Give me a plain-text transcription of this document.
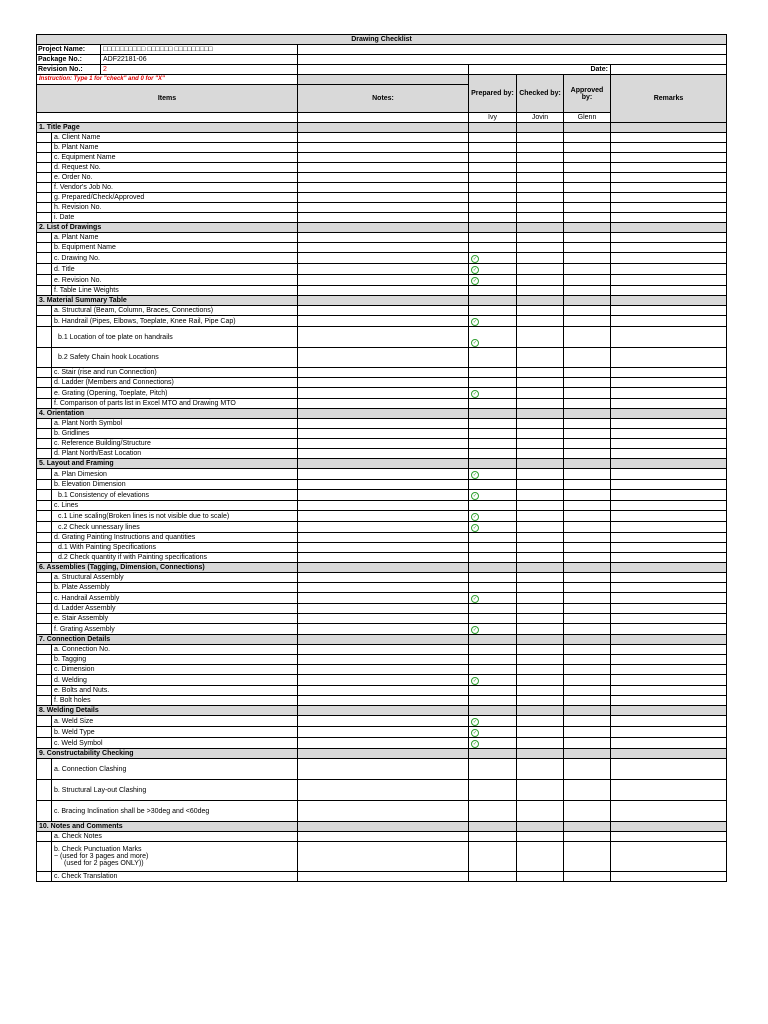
Drawing Checklist						

Project Name: □□□□□□□□□□ □□□□□□ □□□□□□□□□						

Package No.: ADF22181-06						

Revision No.: 2			Date:			
Instruction: Type 1 for "check" and 0 for "X"			Prepared by:	Checked by:	Approved by:	Remarks
Items		Notes:				
			Ivy	Jovin	Glenn	
1. Title Page						
	a. Client Name					
	b. Plant Name					
	c. Equipment Name					
	d. Request No.					
	e. Order No.					
	f. Vendor's Job No.					
	g. Prepared/Check/Approved					
	h. Revision No.					
	i. Date					
2. List of Drawings						
	a. Plant Name					
	b. Equipment Name					
	c. Drawing No.		✓			
	d. Title		✓			
	e. Revision No.		✓			
	f. Table Line Weights					
3. Material Summary Table						
	a. Structural (Beam, Column, Braces, Connections)					
	b. Handrail (Pipes, Elbows, Toeplate, Knee Rail, Pipe Cap)		✓			
	b.1 Location of toe plate on handrails		✓			
	b.2 Safety Chain hook Locations					
	c. Stair (rise and run Connection)					
	d. Ladder (Members and Connections)					
	e. Grating (Opening, Toeplate, Pitch)		✓			
	f. Comparison of parts list in Excel MTO and Drawing MTO					
4. Orientation						
	a. Plant North Symbol					
	b. Gridlines					
	c. Reference Building/Structure					
	d. Plant North/East Location					
5. Layout and Framing						
	a. Plan Dimesion		✓			
	b. Elevation Dimension					
	b.1 Consistency of elevations		✓			
	c. Lines					
	c.1 Line scaling(Broken lines is not visible due to scale)		✓			
	c.2 Check unnessary lines		✓			
	d. Grating Painting Instructions and quantities					
	d.1 With Painting Specifications					
	d.2 Check quantity if with Painting specifications					
6. Assemblies (Tagging, Dimension, Connections)						
	a. Structural Assembly					
	b. Plate Assembly					
	c. Handrail Assembly		✓			
	d. Ladder Assembly					
	e. Stair Assembly					
	f. Grating Assembly		✓			
7. Connection Details						
	a. Connection No.					
	b. Tagging					
	c. Dimension					
	d. Welding		✓			
	e. Bolts and Nuts.					
	f. Bolt holes					
8. Welding Details						
	a. Weld Size		✓			
	b. Weld Type		✓			
	c. Weld Symbol		✓			
9. Constructability Checking						
	a. Connection Clashing					
	b. Structural Lay-out Clashing					
	c. Bracing Inclination shall be >30deg and <60deg					
10. Notes and Comments						
	a. Check Notes					

	b. Check Punctuation Marks
~ (used for 3 pages and more)
(used for 2 pages ONLY))					

	c. Check Translation					
